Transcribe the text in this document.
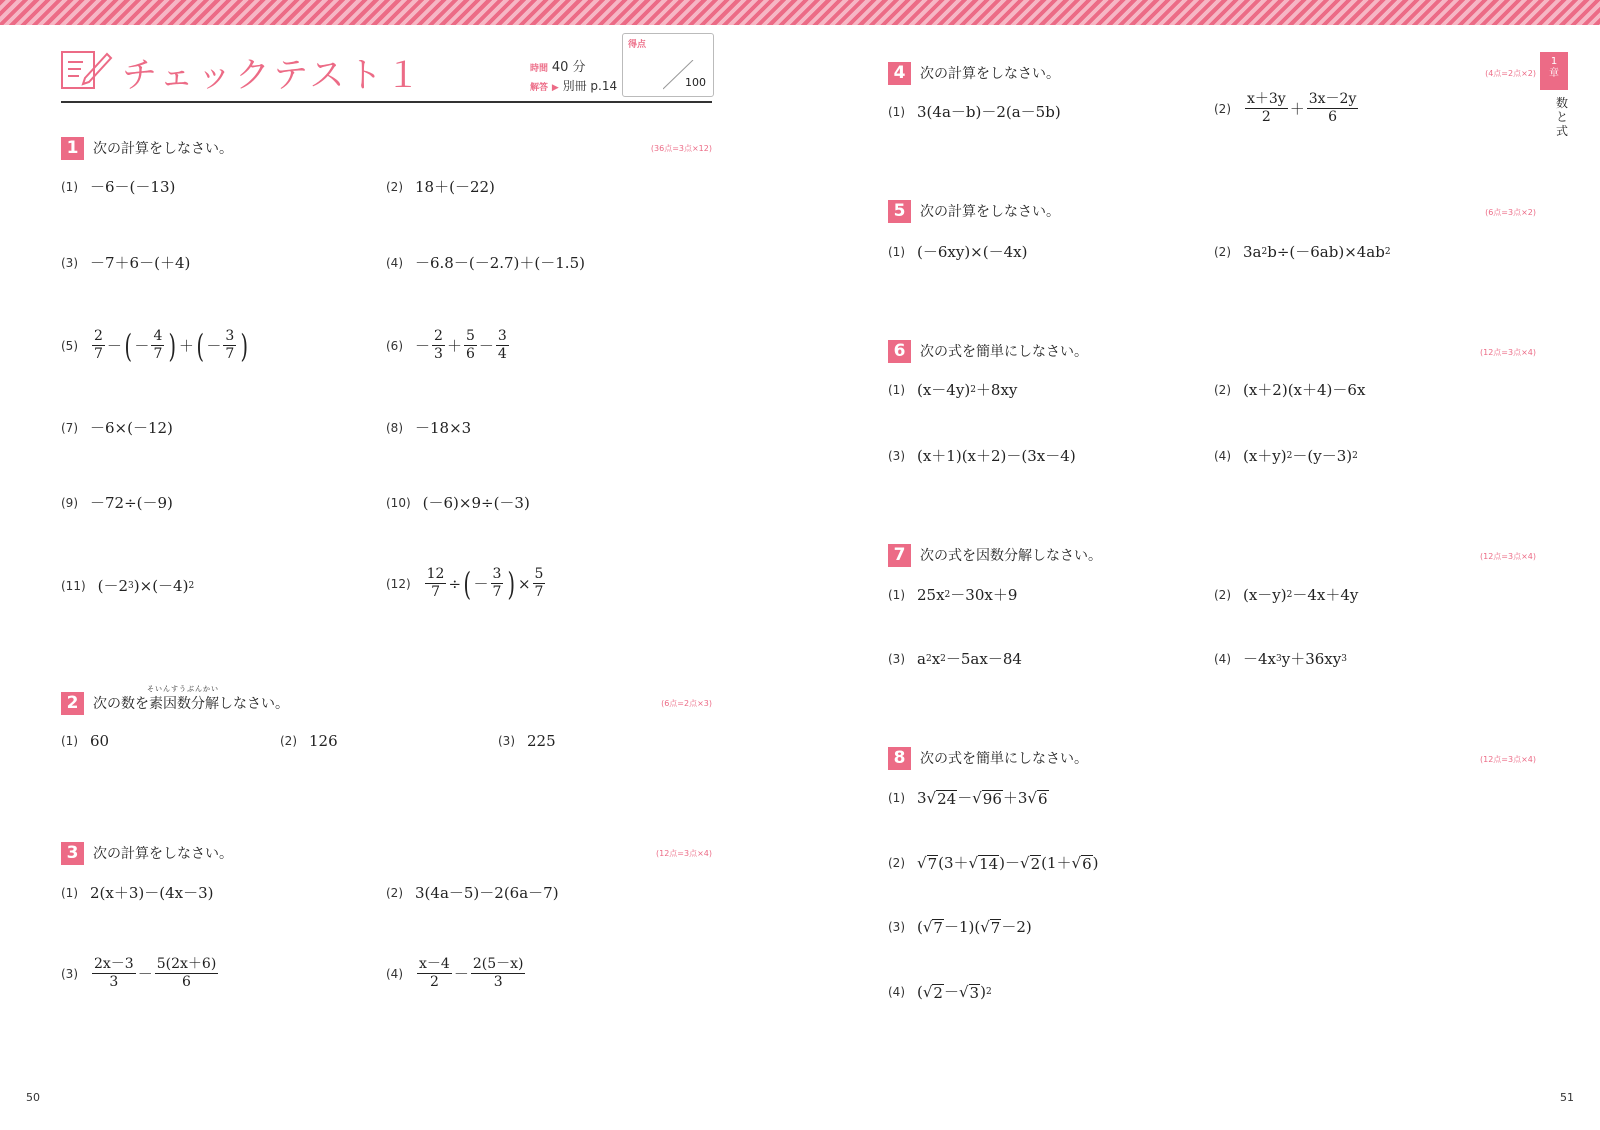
チェックテスト１	時間 40 分
解答 ▶ 別冊 p.14
得点
100
1	次の計算をしなさい。	(36点=3点×12)
(1) －6－(－13)	(2) 18＋(－22)
(3) －7＋6－(＋4)	(4) －6.8－(－2.7)＋(－1.5)
$(5) \frac{2}{7}$ － ( － $\frac{4}{7}$ ) ＋ ( － $\frac{3}{7}$ )	$(6) - \frac{2}{3} + \frac{5}{6} - \frac{3}{4}$
(7) －6×(－12)	(8) －18×3
(9) －72÷(－9)	(10) (－6)×9÷(－3)
(11) (－2 3 )×(－4) 2	$(12) \frac{12}{7}$ ÷ ( － $\frac{3}{7}$ ) × $\frac{5}{7}$
2	次の数を
そいんすうぶんかい
素因数分解しなさい。	(6点=2点×3)
(1) 60	(2) 126	(3) 225
3	次の計算をしなさい。	(12点=3点×4)
(1) 2(x＋3)－(4x－3)	(2) 3(4a－5)－2(6a－7)
$(3) \frac{2x-3}{3} - \frac{5(2x+6)}{6}$	$(4) \frac{x-4}{2} - \frac{2(5-x)}{3}$
4	次の計算をしなさい。	(4点=2点×2)
(1) 3(4a－b)－2(a－5b)	$(2) \frac{x+3y}{2} + \frac{3x-2y}{6}$
5	次の計算をしなさい。	(6点=3点×2)
(1) (－6xy)×(－4x)	(2) 3a 2 b÷(－6ab)×4ab 2
6	次の式を簡単にしなさい。	(12点=3点×4)
(1) (x－4y) 2 ＋8xy	(2) (x＋2)(x＋4)－6x
(3) (x＋1)(x＋2)－(3x－4)	(4) (x＋y) 2 －(y－3) 2
7	次の式を因数分解しなさい。	(12点=3点×4)
(1) 25x 2 －30x＋9	(2) (x－y) 2 －4x＋4y
(3) a 2 x 2 －5ax－84	(4) －4x 3 y＋36xy 3
8	次の式を簡単にしなさい。	(12点=3点×4)
(1) 3 √ 24 － √ 96 ＋3 √ 6
(2) √ 7 (3＋ √ 14 )－ √ 2 (1＋ √ 6 )
(3) ( √ 7 －1)( √ 7 －2)
(4) ( √ 2 － √ 3 ) 2
1
章
数と式
50	51
